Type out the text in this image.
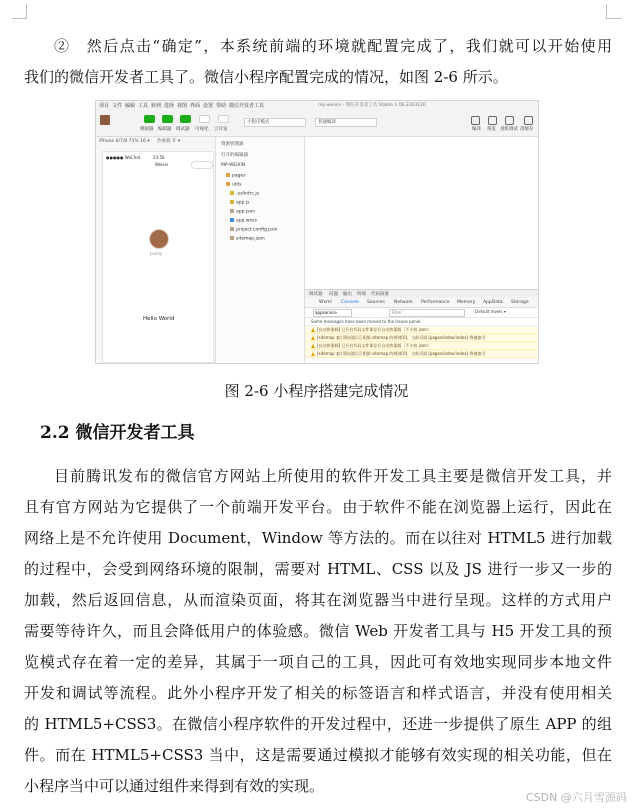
②　然后点击“确定”，本系统前端的环境就配置完成了，我们就可以开始使用
我们的微信开发者工具了。微信小程序配置完成的情况，如图 2-6 所示。
项目 文件 编辑 工具 转到 选择 视图 界面 设置 帮助 微信开发者工具	mp-weixin - 微信开发者工具 Stable 1.06.2303220
模拟器 编辑器 调试器 可视化 云开发
小程序模式	普通编译
编译 预览 真机调试 清缓存
iPhone 6/7/8 75% 16 ▾ 热重载 开 ▾
●●●●● WeChat	23:56
Weixin
Jouldy
Hello World
资源管理器
打开的编辑器
MP-WEIXIN
pages
utils
.eslintrc.js
app.js
app.json
app.wxss
project.config.json
sitemap.json
调试器 问题 输出 终端 代码质量
Wxml Console Sources Network Performance Memory AppData Storage
appservice	Filter	Default levels ▾
Some messages have been moved to the Issues panel.
[自动热重载] 已开启代码文件保存后自动热重载（不支持 json）
[sitemap 索引情况提示] 根据 sitemap 的规则[0]，当前页面 [pages/index/index] 将被索引
[自动热重载] 已开启代码文件保存后自动热重载（不支持 json）
[sitemap 索引情况提示] 根据 sitemap 的规则[0]，当前页面 [pages/index/index] 将被索引
图 2-6 小程序搭建完成情况
2.2 微信开发者工具
目前腾讯发布的微信官方网站上所使用的软件开发工具主要是微信开发工具，并
且有官方网站为它提供了一个前端开发平台。由于软件不能在浏览器上运行，因此在
网络上是不允许使用 Document，Window 等方法的。而在以往对 HTML5 进行加载
的过程中，会受到网络环境的限制，需要对 HTML、CSS 以及 JS 进行一步又一步的
加载，然后返回信息，从而渲染页面，将其在浏览器当中进行呈现。这样的方式用户
需要等待许久，而且会降低用户的体验感。微信 Web 开发者工具与 H5 开发工具的预
览模式存在着一定的差异，其属于一项自己的工具，因此可有效地实现同步本地文件
开发和调试等流程。此外小程序开发了相关的标签语言和样式语言，并没有使用相关
的 HTML5+CSS3。在微信小程序软件的开发过程中，还进一步提供了原生 APP 的组
件。而在 HTML5+CSS3 当中，这是需要通过模拟才能够有效实现的相关功能，但在
小程序当中可以通过组件来得到有效的实现。
CSDN @六月雪源码
